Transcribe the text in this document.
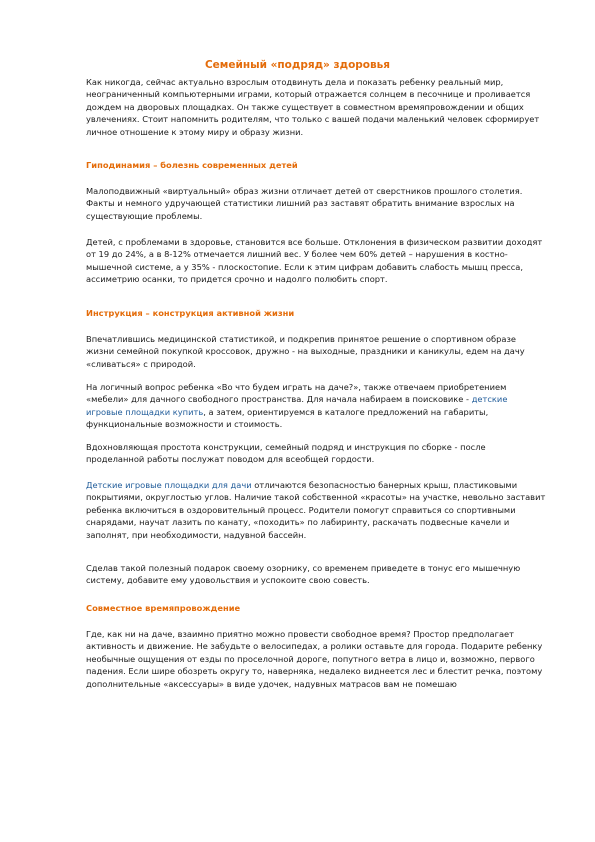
Семейный «подряд» здоровья
Как никогда, сейчас актуально взрослым отодвинуть дела и показать ребенку реальный мир, неограниченный компьютерными играми, который отражается солнцем в песочнице и проливается дождем на дворовых площадках. Он также существует в совместном времяпровождении и общих увлечениях. Стоит напомнить родителям, что только с вашей подачи маленький человек сформирует личное отношение к этому миру и образу жизни.
Гиподинамия – болезнь современных детей
Малоподвижный «виртуальный» образ жизни отличает детей от сверстников прошлого столетия. Факты и немного удручающей статистики лишний раз заставят обратить внимание взрослых на существующие проблемы.
Детей, с проблемами в здоровье, становится все больше. Отклонения в физическом развитии доходят от 19 до 24%, а в 8-12% отмечается лишний вес. У более чем 60% детей – нарушения в костно-мышечной системе, а у 35% - плоскостопие. Если к этим цифрам добавить слабость мышц пресса, ассиметрию осанки, то придется срочно и надолго полюбить спорт.
Инструкция – конструкция активной жизни
Впечатлившись медицинской статистикой, и подкрепив принятое решение о спортивном образе жизни семейной покупкой кроссовок, дружно - на выходные, праздники и каникулы, едем на дачу «сливаться» с природой.
На логичный вопрос ребенка «Во что будем играть на даче?», также отвечаем приобретением «мебели» для дачного свободного пространства. Для начала набираем в поисковике - детские игровые площадки купить, а затем, ориентируемся в каталоге предложений на габариты, функциональные возможности и стоимость.
Вдохновляющая простота конструкции, семейный подряд и инструкция по сборке - после проделанной работы послужат поводом для всеобщей гордости.
Детские игровые площадки для дачи отличаются безопасностью бaнерных крыш, пластиковыми покрытиями, округлостью углов. Наличие такой собственной «красоты» на участке, невольно заставит ребенка включиться в оздоровительный процесс. Родители помогут справиться со спортивными снарядами, научат лазить по канату, «походить» по лабиринту, раскачать подвесные качели и заполнят, при необходимости, надувной бассейн.
Сделав такой полезный подарок своему озорнику, со временем приведете в тонус его мышечную систему, добавите ему удовольствия и успокоите свою совесть.
Совместное времяпровождение
Где, как ни на даче, взаимно приятно можно провести свободное время? Простор предполагает активность и движение. Не забудьте о велосипедах, а ролики оставьте для города. Подарите ребенку необычные ощущения от езды по проселочной дороге, попутного ветра в лицо и, возможно, первого падения. Если шире обозреть округу то, наверняка, недалеко виднеется лес и блестит речка, поэтому дополнительные «аксессуары» в виде удочек, надувных матрасов вам не помешаю
